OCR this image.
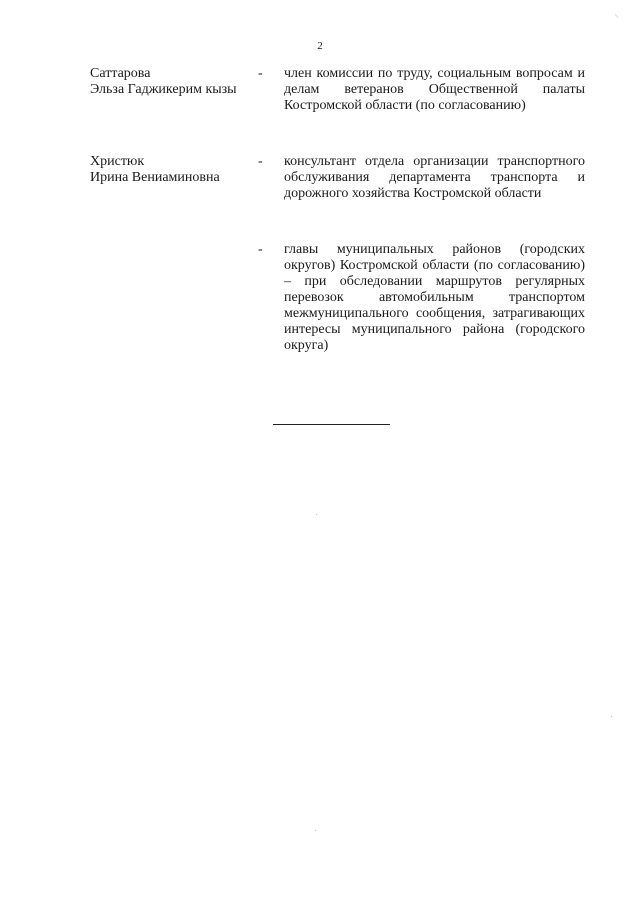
2
Саттарова
Эльза Гаджикерим кызы
- член комиссии по труду, социальным вопросам и делам ветеранов Общественной палаты Костромской области (по согласованию)
Христюк
Ирина Вениаминовна
- консультант отдела организации транспортного обслуживания департамента транспорта и дорожного хозяйства Костромской области
- главы муниципальных районов (городских округов) Костромской области (по согласованию) – при обследовании маршрутов регулярных перевозок автомобильным транспортом межмуниципального сообщения, затрагивающих интересы муниципального района (городского округа)
⸜
·
·
·
